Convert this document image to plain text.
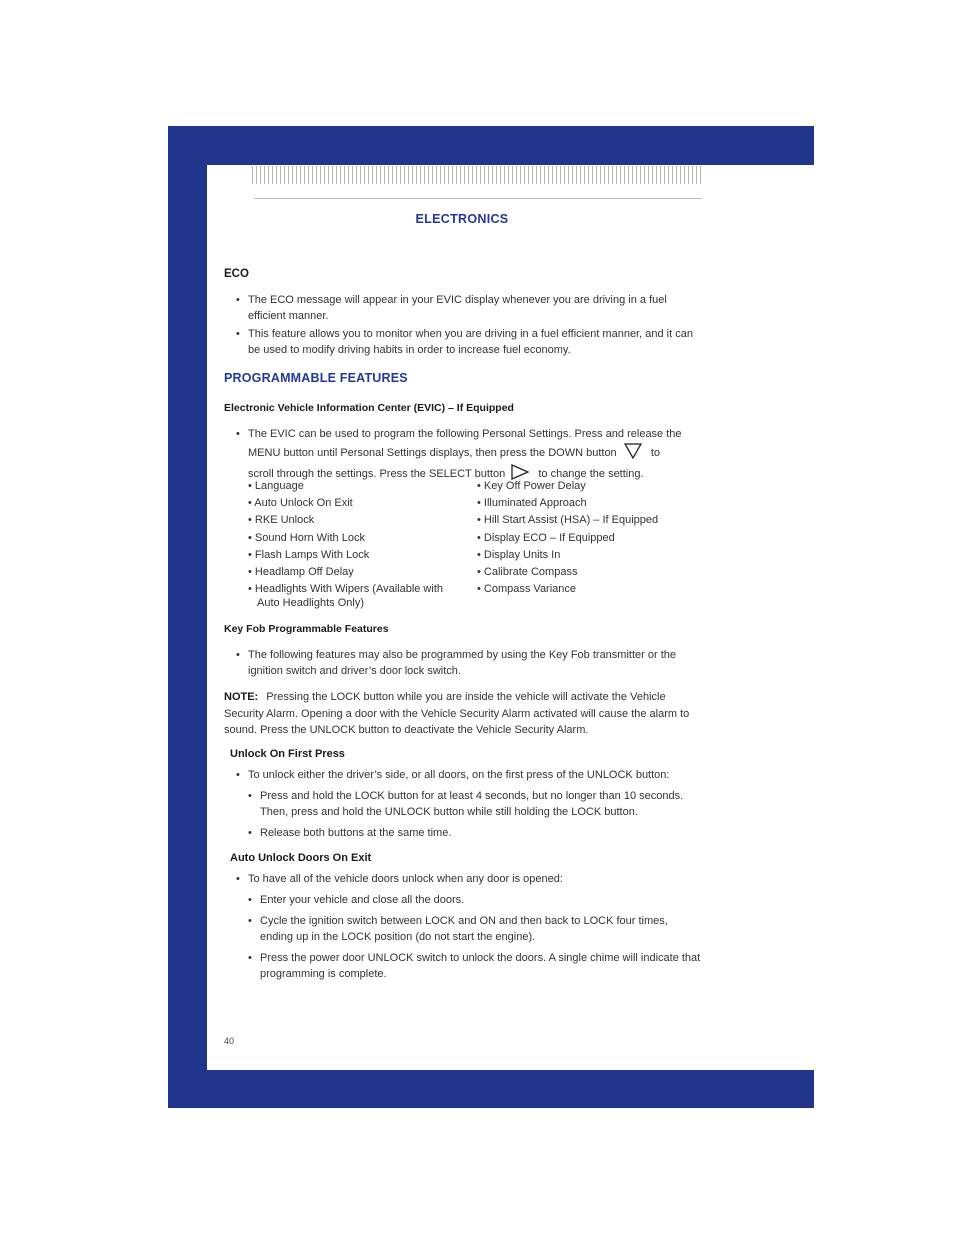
ELECTRONICS
ECO
• The ECO message will appear in your EVIC display whenever you are driving in a fuel efficient manner.
• This feature allows you to monitor when you are driving in a fuel efficient manner, and it can be used to modify driving habits in order to increase fuel economy.
PROGRAMMABLE FEATURES
Electronic Vehicle Information Center (EVIC) – If Equipped
• The EVIC can be used to program the following Personal Settings. Press and release the MENU button until Personal Settings displays, then press the DOWN button	to scroll through the settings. Press the SELECT button	to change the setting.
• Language
• Auto Unlock On Exit
• RKE Unlock
• Sound Horn With Lock
• Flash Lamps With Lock
• Headlamp Off Delay
• Headlights With Wipers (Available with Auto Headlights Only)
• Key Off Power Delay
• Illuminated Approach
• Hill Start Assist (HSA) – If Equipped
• Display ECO – If Equipped
• Display Units In
• Calibrate Compass
• Compass Variance
Key Fob Programmable Features
• The following features may also be programmed by using the Key Fob transmitter or the ignition switch and driver’s door lock switch.
NOTE: Pressing the LOCK button while you are inside the vehicle will activate the Vehicle Security Alarm. Opening a door with the Vehicle Security Alarm activated will cause the alarm to sound. Press the UNLOCK button to deactivate the Vehicle Security Alarm.
Unlock On First Press
• To unlock either the driver’s side, or all doors, on the first press of the UNLOCK button:
• Press and hold the LOCK button for at least 4 seconds, but no longer than 10 seconds. Then, press and hold the UNLOCK button while still holding the LOCK button.
• Release both buttons at the same time.
Auto Unlock Doors On Exit
• To have all of the vehicle doors unlock when any door is opened:
• Enter your vehicle and close all the doors.
• Cycle the ignition switch between LOCK and ON and then back to LOCK four times, ending up in the LOCK position (do not start the engine).
• Press the power door UNLOCK switch to unlock the doors. A single chime will indicate that programming is complete.
40
